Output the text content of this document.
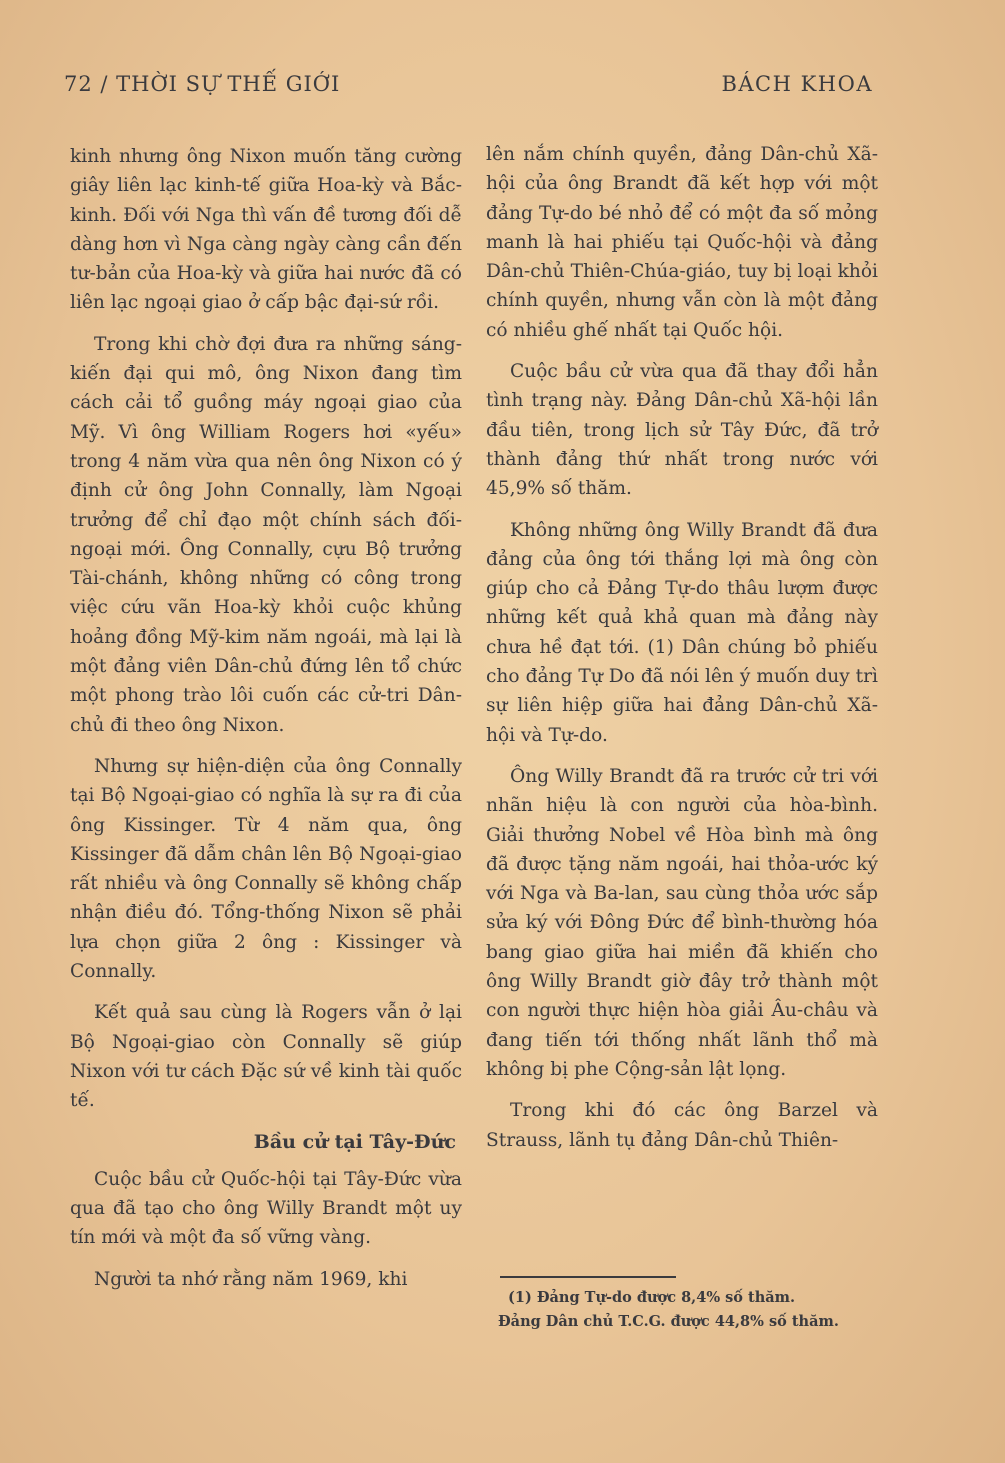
72 / THỜI SỰ THẾ GIỚI	BÁCH KHOA

kinh nhưng ông Nixon muốn tăng cường giây liên lạc kinh-tế giữa Hoa-kỳ và Bắc-kinh. Đối với Nga thì vấn đề tương đối dễ dàng hơn vì Nga càng ngày càng cần đến tư-bản của Hoa-kỳ và giữa hai nước đã có liên lạc ngoại giao ở cấp bậc đại-sứ rồi.

Trong khi chờ đợi đưa ra những sáng-kiến đại qui mô, ông Nixon đang tìm cách cải tổ guồng máy ngoại giao của Mỹ. Vì ông William Rogers hơi «yếu» trong 4 năm vừa qua nên ông Nixon có ý định cử ông John Connally, làm Ngoại trưởng để chỉ đạo một chính sách đối-ngoại mới. Ông Connally, cựu Bộ trưởng Tài-chánh, không những có công trong việc cứu vãn Hoa-kỳ khỏi cuộc khủng hoảng đồng Mỹ-kim năm ngoái, mà lại là một đảng viên Dân-chủ đứng lên tổ chức một phong trào lôi cuốn các cử-tri Dân-chủ đi theo ông Nixon.

Nhưng sự hiện-diện của ông Connally tại Bộ Ngoại-giao có nghĩa là sự ra đi của ông Kissinger. Từ 4 năm qua, ông Kissinger đã dẫm chân lên Bộ Ngoại-giao rất nhiều và ông Connally sẽ không chấp nhận điều đó. Tổng-thống Nixon sẽ phải lựa chọn giữa 2 ông : Kissinger và Connally.

Kết quả sau cùng là Rogers vẫn ở lại Bộ Ngoại-giao còn Connally sẽ giúp Nixon với tư cách Đặc sứ về kinh tài quốc tế.

Bầu cử tại Tây-Đức

Cuộc bầu cử Quốc-hội tại Tây-Đức vừa qua đã tạo cho ông Willy Brandt một uy tín mới và một đa số vững vàng.

Người ta nhớ rằng năm 1969, khi

lên nắm chính quyền, đảng Dân-chủ Xã-hội của ông Brandt đã kết hợp với một đảng Tự-do bé nhỏ để có một đa số mỏng manh là hai phiếu tại Quốc-hội và đảng Dân-chủ Thiên-Chúa-giáo, tuy bị loại khỏi chính quyền, nhưng vẫn còn là một đảng có nhiều ghế nhất tại Quốc hội.

Cuộc bầu cử vừa qua đã thay đổi hẳn tình trạng này. Đảng Dân-chủ Xã-hội lần đầu tiên, trong lịch sử Tây Đức, đã trở thành đảng thứ nhất trong nước với 45,9% số thăm.

Không những ông Willy Brandt đã đưa đảng của ông tới thắng lợi mà ông còn giúp cho cả Đảng Tự-do thâu lượm được những kết quả khả quan mà đảng này chưa hề đạt tới. (1) Dân chúng bỏ phiếu cho đảng Tự Do đã nói lên ý muốn duy trì sự liên hiệp giữa hai đảng Dân-chủ Xã-hội và Tự-do.

Ông Willy Brandt đã ra trước cử tri với nhãn hiệu là con người của hòa-bình. Giải thưởng Nobel về Hòa bình mà ông đã được tặng năm ngoái, hai thỏa-ước ký với Nga và Ba-lan, sau cùng thỏa ước sắp sửa ký với Đông Đức để bình-thường hóa bang giao giữa hai miền đã khiến cho ông Willy Brandt giờ đây trở thành một con người thực hiện hòa giải Âu-châu và đang tiến tới thống nhất lãnh thổ mà không bị phe Cộng-sản lật lọng.

Trong khi đó các ông Barzel và Strauss, lãnh tụ đảng Dân-chủ Thiên-

(1) Đảng Tự-do được 8,4% số thăm.
Đảng Dân chủ T.C.G. được 44,8% số thăm.
